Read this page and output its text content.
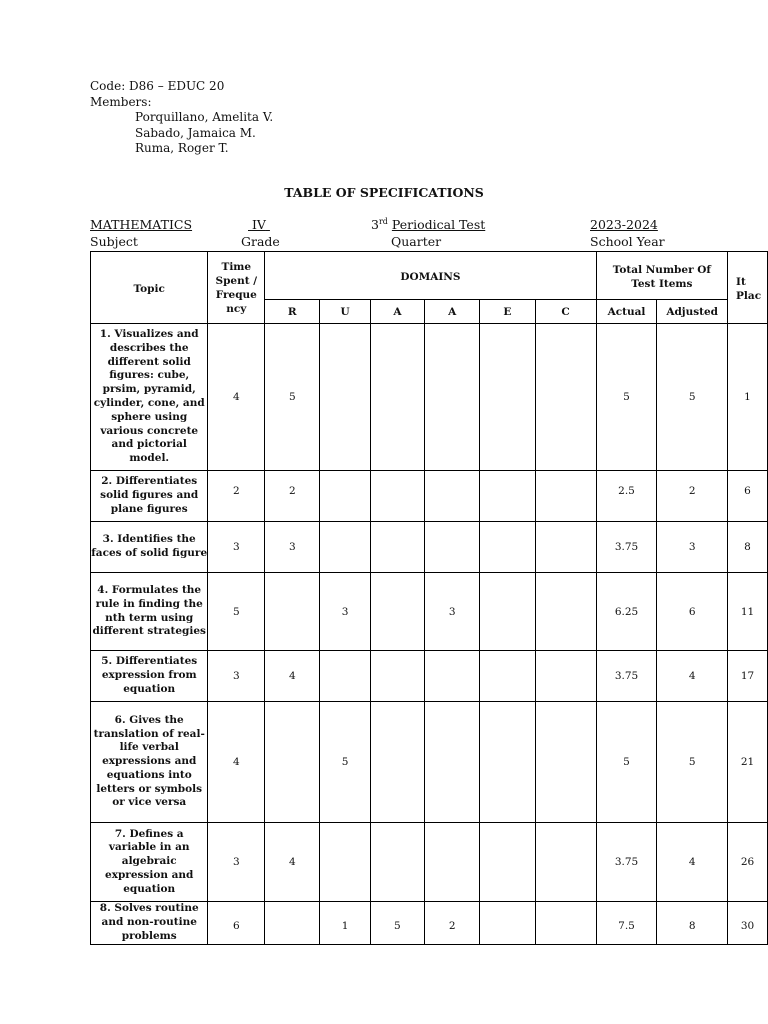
Code: D86 – EDUC 20
Members:
Porquillano, Amelita V.
Sabado, Jamaica M.
Ruma, Roger T.
TABLE OF SPECIFICATIONS
MATHEMATICS
Subject
IV
Grade
3rd Periodical Test
Quarter
2023-2024
School Year
Topic	Time Spent / Freque ncy	DOMAINS						Total Number Of Test Items		It Plac
		R	U	A	A	E	C	Actual	Adjusted	
1. Visualizes and describes the different solid figures: cube, prsim, pyramid, cylinder, cone, and sphere using various concrete and pictorial model.	4	5						5	5	1
2. Differentiates solid figures and plane figures	2	2						2.5	2	6
3. Identifies the faces of solid figure	3	3						3.75	3	8
4. Formulates the rule in finding the nth term using different strategies	5		3		3			6.25	6	11
5. Differentiates expression from equation	3	4						3.75	4	17
6. Gives the translation of real-life verbal expressions and equations into letters or symbols or vice versa	4		5					5	5	21
7. Defines a variable in an algebraic expression and equation	3	4						3.75	4	26
8. Solves routine and non-routine problems	6		1	5	2			7.5	8	30
